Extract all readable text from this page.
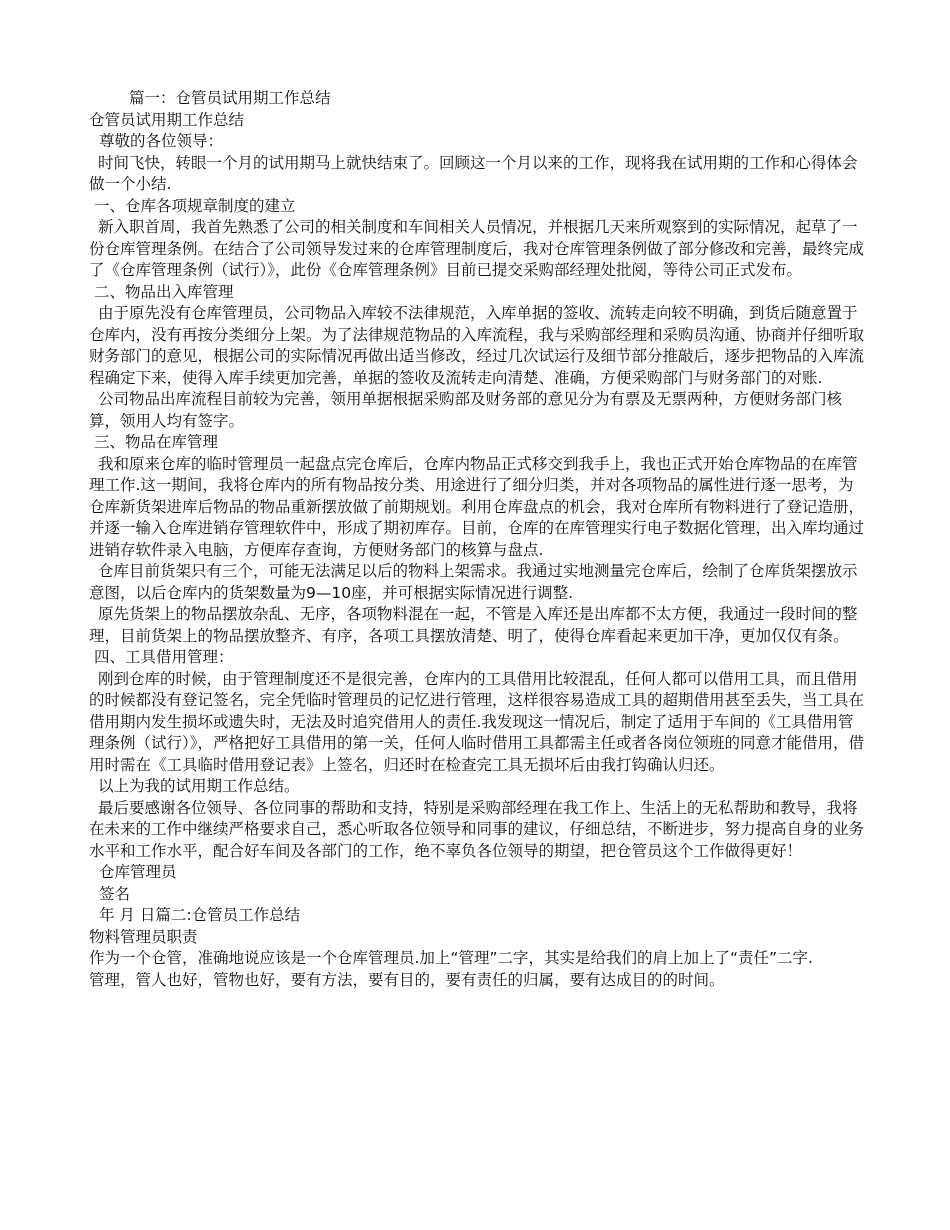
篇一：仓管员试用期工作总结

仓管员试用期工作总结

尊敬的各位领导：

时间飞快，转眼一个月的试用期马上就快结束了。回顾这一个月以来的工作，现将我在试用期的工作和心得体会做一个小结.

一、仓库各项规章制度的建立

新入职首周，我首先熟悉了公司的相关制度和车间相关人员情况，并根据几天来所观察到的实际情况，起草了一份仓库管理条例。在结合了公司领导发过来的仓库管理制度后，我对仓库管理条例做了部分修改和完善，最终完成了《仓库管理条例（试行）》，此份《仓库管理条例》目前已提交采购部经理处批阅，等待公司正式发布。

二、物品出入库管理

由于原先没有仓库管理员，公司物品入库较不法律规范，入库单据的签收、流转走向较不明确，到货后随意置于仓库内，没有再按分类细分上架。为了法律规范物品的入库流程，我与采购部经理和采购员沟通、协商并仔细听取财务部门的意见，根据公司的实际情况再做出适当修改，经过几次试运行及细节部分推敲后，逐步把物品的入库流程确定下来，使得入库手续更加完善，单据的签收及流转走向清楚、准确，方便采购部门与财务部门的对账.

公司物品出库流程目前较为完善，领用单据根据采购部及财务部的意见分为有票及无票两种，方便财务部门核算，领用人均有签字。

三、物品在库管理

我和原来仓库的临时管理员一起盘点完仓库后，仓库内物品正式移交到我手上，我也正式开始仓库物品的在库管理工作.这一期间，我将仓库内的所有物品按分类、用途进行了细分归类，并对各项物品的属性进行逐一思考，为仓库新货架进库后物品的物品重新摆放做了前期规划。利用仓库盘点的机会，我对仓库所有物料进行了登记造册，并逐一输入仓库进销存管理软件中，形成了期初库存。目前，仓库的在库管理实行电子数据化管理，出入库均通过进销存软件录入电脑，方便库存查询，方便财务部门的核算与盘点.

仓库目前货架只有三个，可能无法满足以后的物料上架需求。我通过实地测量完仓库后，绘制了仓库货架摆放示意图，以后仓库内的货架数量为9—10座，并可根据实际情况进行调整.

原先货架上的物品摆放杂乱、无序，各项物料混在一起，不管是入库还是出库都不太方便，我通过一段时间的整理，目前货架上的物品摆放整齐、有序，各项工具摆放清楚、明了，使得仓库看起来更加干净，更加仅仅有条。

四、工具借用管理：

刚到仓库的时候，由于管理制度还不是很完善，仓库内的工具借用比较混乱，任何人都可以借用工具，而且借用的时候都没有登记签名，完全凭临时管理员的记忆进行管理，这样很容易造成工具的超期借用甚至丢失，当工具在借用期内发生损坏或遗失时，无法及时追究借用人的责任.我发现这一情况后，制定了适用于车间的《工具借用管理条例（试行）》，严格把好工具借用的第一关，任何人临时借用工具都需主任或者各岗位领班的同意才能借用，借用时需在《工具临时借用登记表》上签名，归还时在检查完工具无损坏后由我打钩确认归还。

以上为我的试用期工作总结。

最后要感谢各位领导、各位同事的帮助和支持，特别是采购部经理在我工作上、生活上的无私帮助和教导，我将在未来的工作中继续严格要求自己，悉心听取各位领导和同事的建议，仔细总结，不断进步，努力提高自身的业务水平和工作水平，配合好车间及各部门的工作，绝不辜负各位领导的期望，把仓管员这个工作做得更好！

仓库管理员

签名

年 月 日篇二:仓管员工作总结

物料管理员职责

作为一个仓管，准确地说应该是一个仓库管理员.加上“管理”二字，其实是给我们的肩上加上了“责任”二字.

管理，管人也好，管物也好，要有方法，要有目的，要有责任的归属，要有达成目的的时间。
